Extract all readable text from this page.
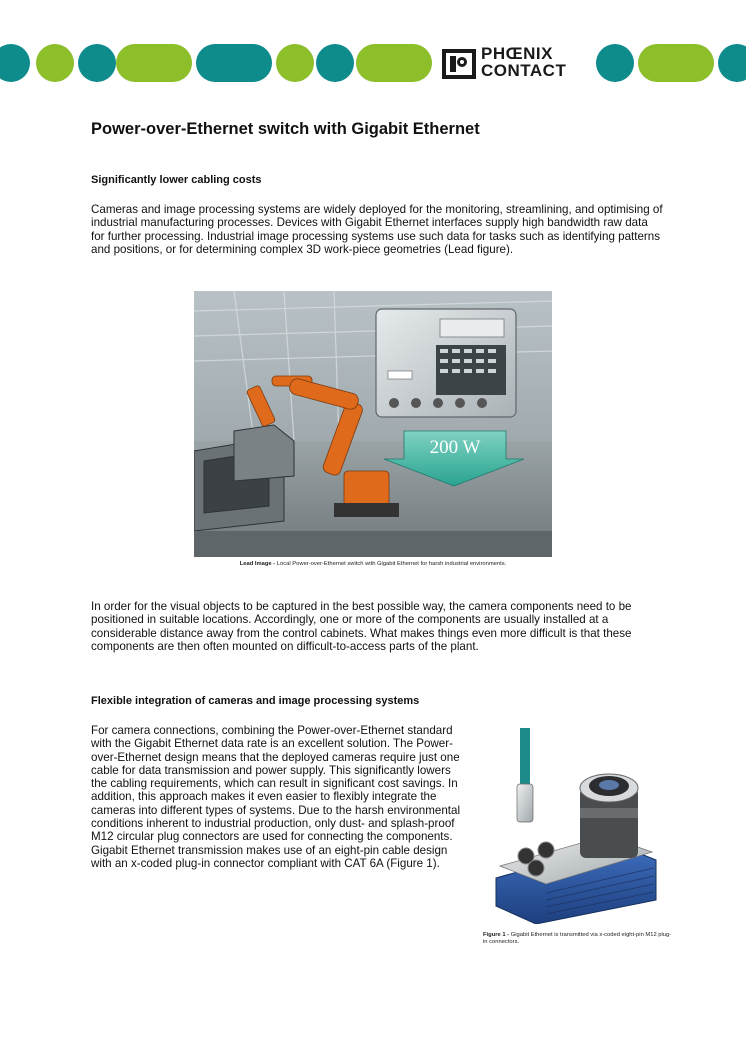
PHŒNIX
CONTACT
Power-over-Ethernet switch with Gigabit Ethernet
Significantly lower cabling costs
Cameras and image processing systems are widely deployed for the monitoring, streamlining, and optimising of industrial manufacturing processes. Devices with Gigabit Ethernet interfaces supply high bandwidth raw data for further processing. Industrial image processing systems use such data for tasks such as identifying patterns and positions, or for determining complex 3D work-piece geometries (Lead figure).
200 W
Lead Image - Local Power-over-Ethernet switch with Gigabit Ethernet for harsh industrial environments.
In order for the visual objects to be captured in the best possible way, the camera components need to be positioned in suitable locations. Accordingly, one or more of the components are usually installed at a considerable distance away from the control cabinets. What makes things even more difficult is that these components are then often mounted on difficult-to-access parts of the plant.
Flexible integration of cameras and image processing systems
For camera connections, combining the Power-over-Ethernet standard with the Gigabit Ethernet data rate is an excellent solution. The Power-over-Ethernet design means that the deployed cameras require just one cable for data transmission and power supply. This significantly lowers the cabling requirements, which can result in significant cost savings. In addition, this approach makes it even easier to flexibly integrate the cameras into different types of systems. Due to the harsh environmental conditions inherent to industrial production, only dust- and splash-proof M12 circular plug connectors are used for connecting the components. Gigabit Ethernet transmission makes use of an eight-pin cable design with an x-coded plug-in connector compliant with CAT 6A (Figure 1).
Figure 1 - Gigabit Ethernet is transmitted via x-coded eight-pin M12 plug-in connectors.
